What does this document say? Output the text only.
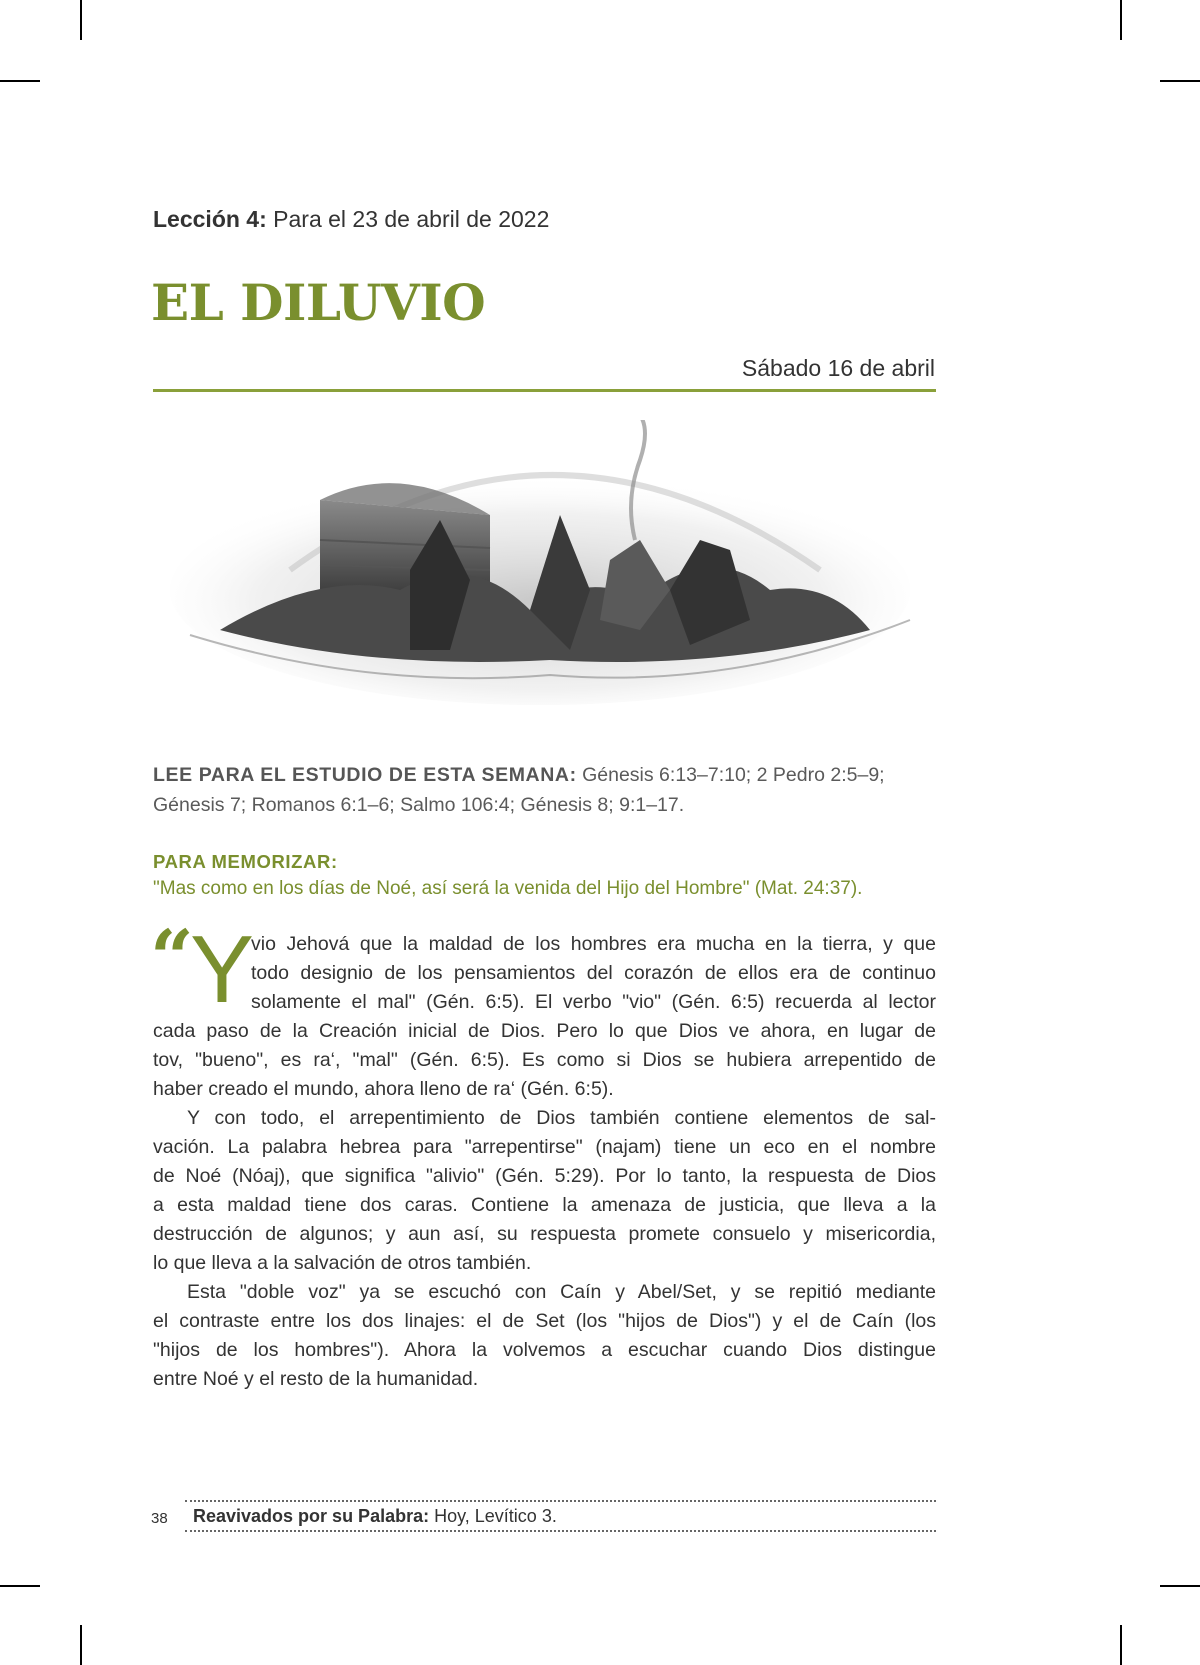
Lección 4: Para el 23 de abril de 2022
EL DILUVIO
Sábado 16 de abril
LEE PARA EL ESTUDIO DE ESTA SEMANA: Génesis 6:13–7:10; 2 Pedro 2:5–9;
Génesis 7; Romanos 6:1–6; Salmo 106:4; Génesis 8; 9:1–17.
PARA MEMORIZAR:
"Mas como en los días de Noé, así será la venida del Hijo del Hombre" (Mat. 24:37).
“
Y
vio Jehová que la maldad de los hombres era mucha en la tierra, y que
todo designio de los pensamientos del corazón de ellos era de continuo
solamente el mal" (Gén. 6:5). El verbo "vio" (Gén. 6:5) recuerda al lector
cada paso de la Creación inicial de Dios. Pero lo que Dios ve ahora, en lugar de
tov, "bueno", es ra‘, "mal" (Gén. 6:5). Es como si Dios se hubiera arrepentido de
haber creado el mundo, ahora lleno de ra‘ (Gén. 6:5).
Y con todo, el arrepentimiento de Dios también contiene elementos de sal-
vación. La palabra hebrea para "arrepentirse" (najam) tiene un eco en el nombre
de Noé (Nóaj), que significa "alivio" (Gén. 5:29). Por lo tanto, la respuesta de Dios
a esta maldad tiene dos caras. Contiene la amenaza de justicia, que lleva a la
destrucción de algunos; y aun así, su respuesta promete consuelo y misericordia,
lo que lleva a la salvación de otros también.
Esta "doble voz" ya se escuchó con Caín y Abel/Set, y se repitió mediante
el contraste entre los dos linajes: el de Set (los "hijos de Dios") y el de Caín (los
"hijos de los hombres"). Ahora la volvemos a escuchar cuando Dios distingue
entre Noé y el resto de la humanidad.
38 Reavivados por su Palabra: Hoy, Levítico 3.
